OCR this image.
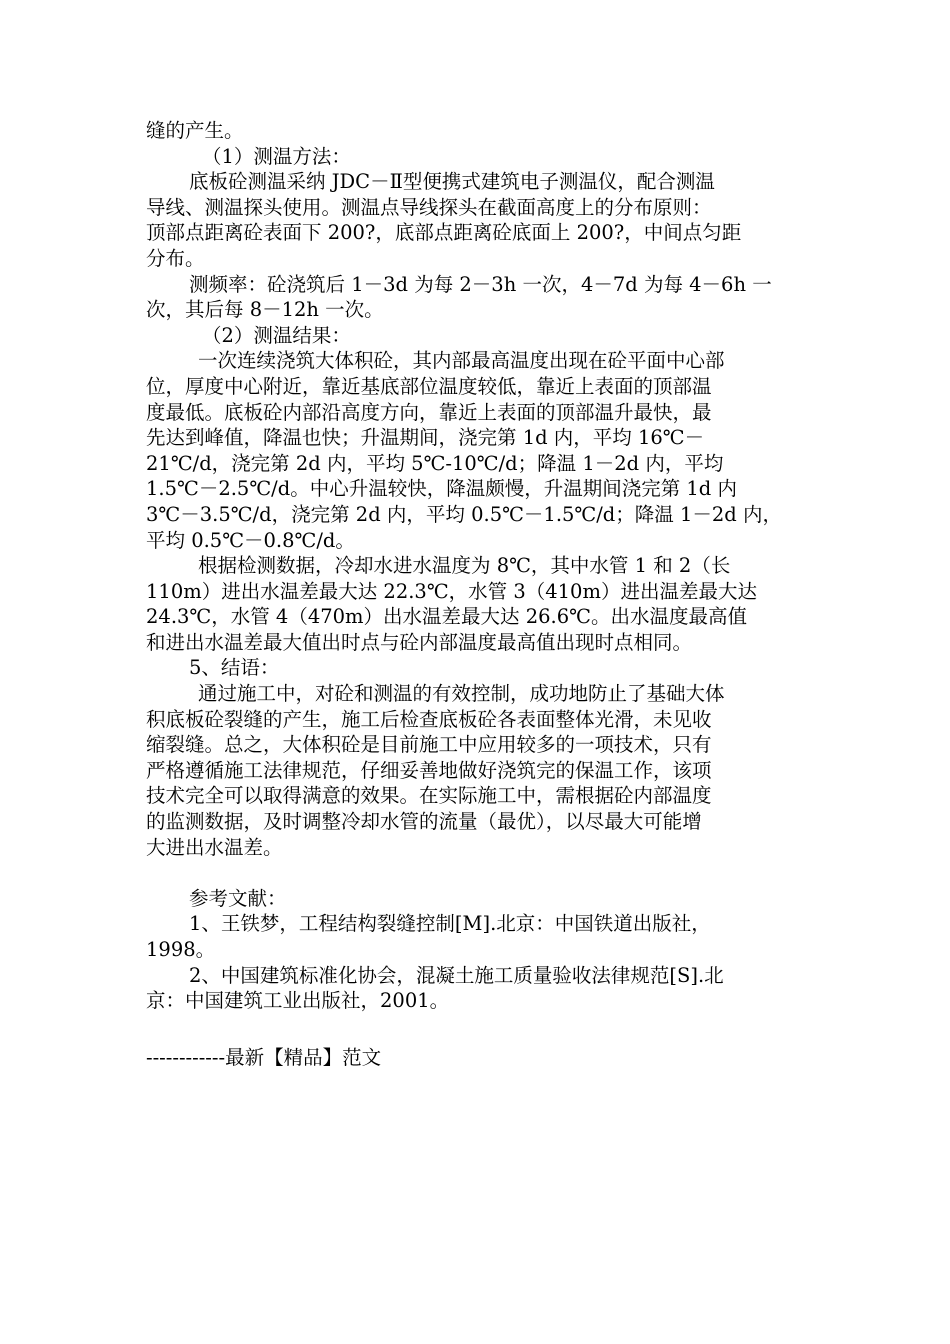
缝的产生。
（1）测温方法：
底板砼测温采纳 JDC－Ⅱ型便携式建筑电子测温仪，配合测温
导线、测温探头使用。测温点导线探头在截面高度上的分布原则：
顶部点距离砼表面下 200?，底部点距离砼底面上 200?，中间点匀距
分布。
测频率：砼浇筑后 1－3d 为每 2－3h 一次，4－7d 为每 4－6h 一
次，其后每 8－12h 一次。
（2）测温结果：
一次连续浇筑大体积砼，其内部最高温度出现在砼平面中心部
位，厚度中心附近，靠近基底部位温度较低，靠近上表面的顶部温
度最低。底板砼内部沿高度方向，靠近上表面的顶部温升最快，最
先达到峰值，降温也快；升温期间，浇完第 1d 内，平均 16℃－
21℃/d，浇完第 2d 内，平均 5℃-10℃/d；降温 1－2d 内，平均
1.5℃－2.5℃/d。中心升温较快，降温颇慢，升温期间浇完第 1d 内
3℃－3.5℃/d，浇完第 2d 内，平均 0.5℃－1.5℃/d；降温 1－2d 内，
平均 0.5℃－0.8℃/d。
根据检测数据，冷却水进水温度为 8℃，其中水管 1 和 2（长
110m）进出水温差最大达 22.3℃，水管 3（410m）进出温差最大达
24.3℃，水管 4（470m）出水温差最大达 26.6℃。出水温度最高值
和进出水温差最大值出时点与砼内部温度最高值出现时点相同。
5、结语：
通过施工中，对砼和测温的有效控制，成功地防止了基础大体
积底板砼裂缝的产生，施工后检查底板砼各表面整体光滑，未见收
缩裂缝。总之，大体积砼是目前施工中应用较多的一项技术，只有
严格遵循施工法律规范，仔细妥善地做好浇筑完的保温工作，该项
技术完全可以取得满意的效果。在实际施工中，需根据砼内部温度
的监测数据，及时调整冷却水管的流量（最优），以尽最大可能增
大进出水温差。
参考文献：
1、王铁梦，工程结构裂缝控制[M].北京：中国铁道出版社，
1998。
2、中国建筑标准化协会，混凝土施工质量验收法律规范[S].北
京：中国建筑工业出版社，2001。
------------最新【精品】范文
